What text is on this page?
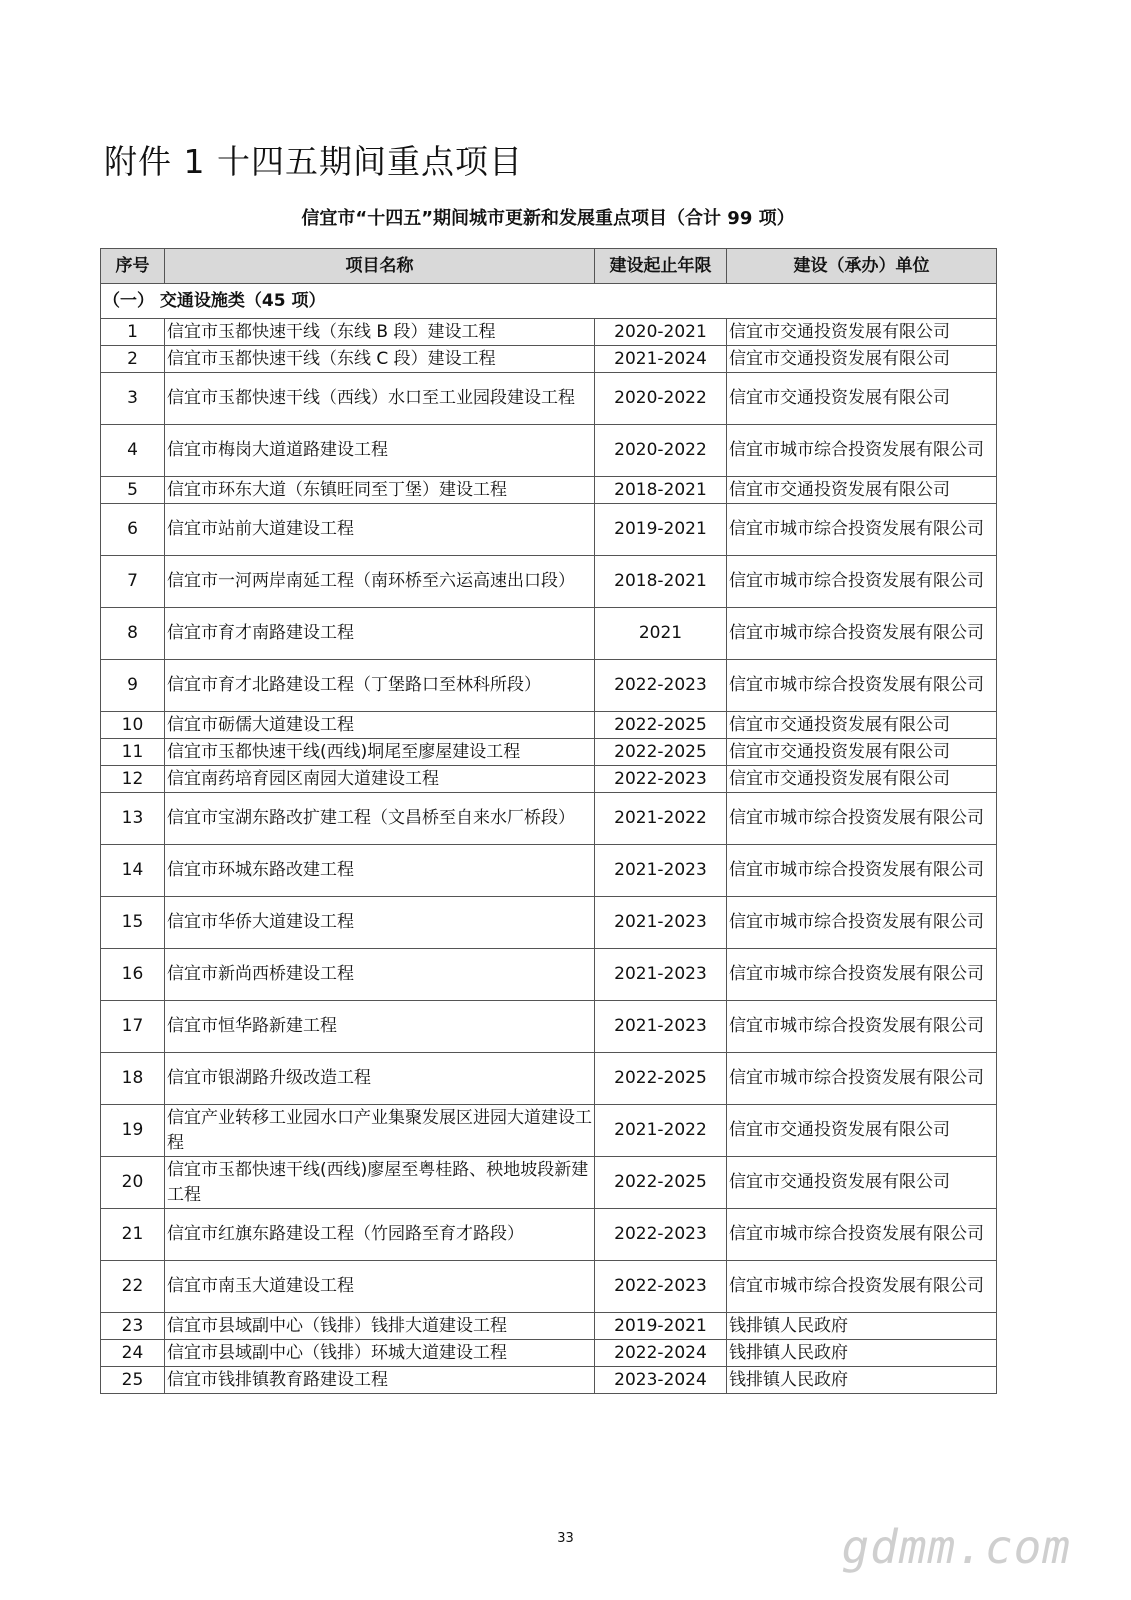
附件 1 十四五期间重点项目
信宜市“十四五”期间城市更新和发展重点项目（合计 99 项）
序号	项目名称	建设起止年限	建设（承办）单位
（一） 交通设施类（45 项）			
1	信宜市玉都快速干线（东线 B 段）建设工程	2020-2021	信宜市交通投资发展有限公司
2	信宜市玉都快速干线（东线 C 段）建设工程	2021-2024	信宜市交通投资发展有限公司
3	信宜市玉都快速干线（西线）水口至工业园段建设工程	2020-2022	信宜市交通投资发展有限公司
4	信宜市梅岗大道道路建设工程	2020-2022	信宜市城市综合投资发展有限公司
5	信宜市环东大道（东镇旺同至丁堡）建设工程	2018-2021	信宜市交通投资发展有限公司
6	信宜市站前大道建设工程	2019-2021	信宜市城市综合投资发展有限公司
7	信宜市一河两岸南延工程（南环桥至六运高速出口段）	2018-2021	信宜市城市综合投资发展有限公司
8	信宜市育才南路建设工程	2021	信宜市城市综合投资发展有限公司
9	信宜市育才北路建设工程（丁堡路口至林科所段）	2022-2023	信宜市城市综合投资发展有限公司
10	信宜市砺儒大道建设工程	2022-2025	信宜市交通投资发展有限公司
11	信宜市玉都快速干线(西线)垌尾至廖屋建设工程	2022-2025	信宜市交通投资发展有限公司
12	信宜南药培育园区南园大道建设工程	2022-2023	信宜市交通投资发展有限公司
13	信宜市宝湖东路改扩建工程（文昌桥至自来水厂桥段）	2021-2022	信宜市城市综合投资发展有限公司
14	信宜市环城东路改建工程	2021-2023	信宜市城市综合投资发展有限公司
15	信宜市华侨大道建设工程	2021-2023	信宜市城市综合投资发展有限公司
16	信宜市新尚西桥建设工程	2021-2023	信宜市城市综合投资发展有限公司
17	信宜市恒华路新建工程	2021-2023	信宜市城市综合投资发展有限公司
18	信宜市银湖路升级改造工程	2022-2025	信宜市城市综合投资发展有限公司
19	信宜产业转移工业园水口产业集聚发展区进园大道建设工程	2021-2022	信宜市交通投资发展有限公司
20	信宜市玉都快速干线(西线)廖屋至粤桂路、秧地坡段新建工程	2022-2025	信宜市交通投资发展有限公司
21	信宜市红旗东路建设工程（竹园路至育才路段）	2022-2023	信宜市城市综合投资发展有限公司
22	信宜市南玉大道建设工程	2022-2023	信宜市城市综合投资发展有限公司
23	信宜市县域副中心（钱排）钱排大道建设工程	2019-2021	钱排镇人民政府
24	信宜市县域副中心（钱排）环城大道建设工程	2022-2024	钱排镇人民政府
25	信宜市钱排镇教育路建设工程	2023-2024	钱排镇人民政府
33	gdmm.com
